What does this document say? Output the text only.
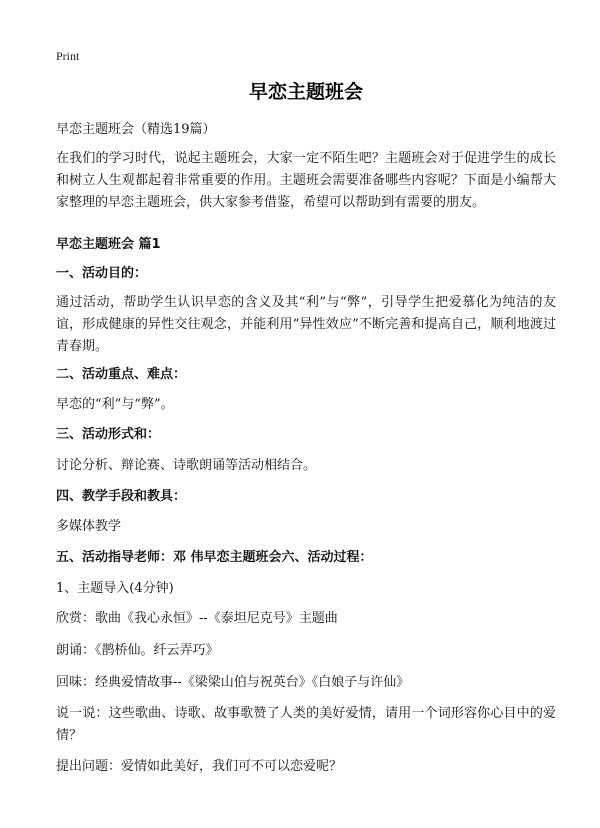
Print
早恋主题班会

早恋主题班会（精选19篇）

在我们的学习时代，说起主题班会，大家一定不陌生吧？主题班会对于促进学生的成长和树立人生观都起着非常重要的作用。主题班会需要准备哪些内容呢？下面是小编帮大家整理的早恋主题班会，供大家参考借鉴，希望可以帮助到有需要的朋友。

早恋主题班会 篇1

一、活动目的：

通过活动，帮助学生认识早恋的含义及其“利”与“弊”，引导学生把爱慕化为纯洁的友谊，形成健康的异性交往观念，并能利用“异性效应”不断完善和提高自己，顺利地渡过青春期。

二、活动重点、难点：

早恋的“利”与“弊”。

三、活动形式和：

讨论分析、辩论赛、诗歌朗诵等活动相结合。

四、教学手段和教具：

多媒体教学

五、活动指导老师：邓 伟早恋主题班会六、活动过程：

1、主题导入(4分钟)

欣赏：歌曲《我心永恒》--《泰坦尼克号》主题曲

朗诵：《鹊桥仙。纤云弄巧》

回味：经典爱情故事--《梁梁山伯与祝英台》《白娘子与许仙》

说一说：这些歌曲、诗歌、故事歌赞了人类的美好爱情，请用一个词形容你心目中的爱情？

提出问题：爱情如此美好，我们可不可以恋爱呢？
